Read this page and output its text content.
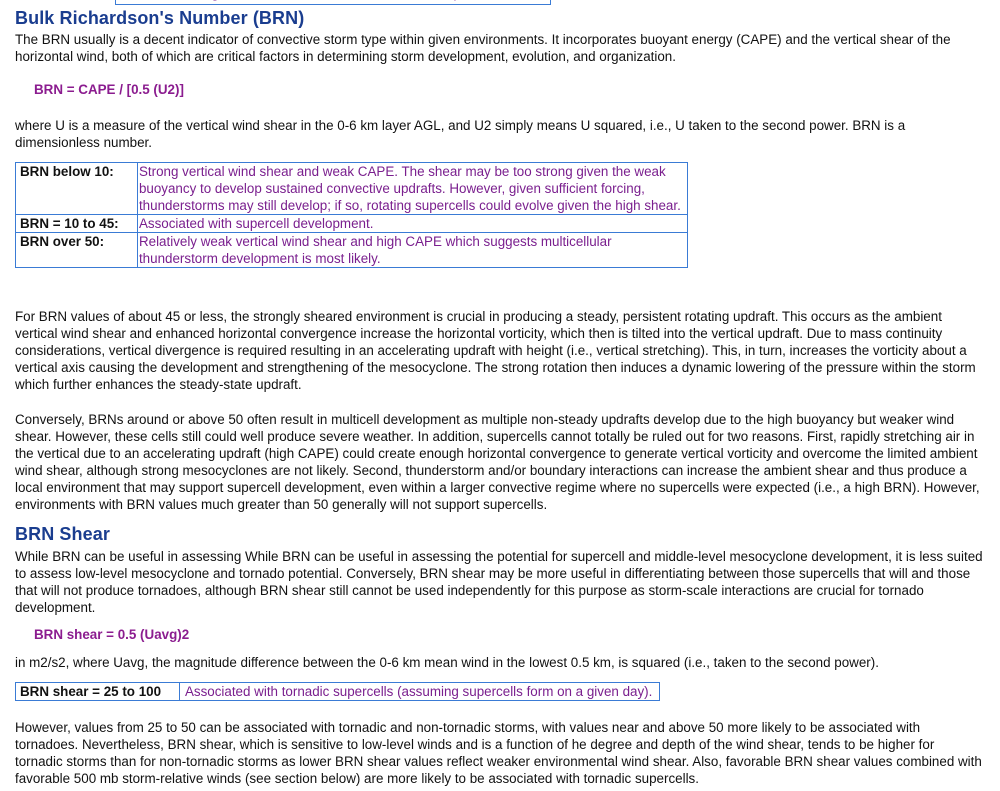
Bulk Richardson's Number (BRN)

The BRN usually is a decent indicator of convective storm type within given environments. It incorporates buoyant energy (CAPE) and the vertical shear of the horizontal wind, both of which are critical factors in determining storm development, evolution, and organization.

BRN = CAPE / [0.5 (U2)]

where U is a measure of the vertical wind shear in the 0-6 km layer AGL, and U2 simply means U squared, i.e., U taken to the second power. BRN is a dimensionless number.

BRN below 10:	Strong vertical wind shear and weak CAPE. The shear may be too strong given the weak buoyancy to develop sustained convective updrafts. However, given sufficient forcing, thunderstorms may still develop; if so, rotating supercells could evolve given the high shear.
BRN = 10 to 45:	Associated with supercell development.
BRN over 50:	Relatively weak vertical wind shear and high CAPE which suggests multicellular thunderstorm development is most likely.

For BRN values of about 45 or less, the strongly sheared environment is crucial in producing a steady, persistent rotating updraft. This occurs as the ambient vertical wind shear and enhanced horizontal convergence increase the horizontal vorticity, which then is tilted into the vertical updraft. Due to mass continuity considerations, vertical divergence is required resulting in an accelerating updraft with height (i.e., vertical stretching). This, in turn, increases the vorticity about a vertical axis causing the development and strengthening of the mesocyclone. The strong rotation then induces a dynamic lowering of the pressure within the storm which further enhances the steady-state updraft.

Conversely, BRNs around or above 50 often result in multicell development as multiple non-steady updrafts develop due to the high buoyancy but weaker wind shear. However, these cells still could well produce severe weather. In addition, supercells cannot totally be ruled out for two reasons. First, rapidly stretching air in the vertical due to an accelerating updraft (high CAPE) could create enough horizontal convergence to generate vertical vorticity and overcome the limited ambient wind shear, although strong mesocyclones are not likely. Second, thunderstorm and/or boundary interactions can increase the ambient shear and thus produce a local environment that may support supercell development, even within a larger convective regime where no supercells were expected (i.e., a high BRN). However, environments with BRN values much greater than 50 generally will not support supercells.

BRN Shear

While BRN can be useful in assessing While BRN can be useful in assessing the potential for supercell and middle-level mesocyclone development, it is less suited to assess low-level mesocyclone and tornado potential. Conversely, BRN shear may be more useful in differentiating between those supercells that will and those that will not produce tornadoes, although BRN shear still cannot be used independently for this purpose as storm-scale interactions are crucial for tornado development.

BRN shear = 0.5 (Uavg)2

in m2/s2, where Uavg, the magnitude difference between the 0-6 km mean wind in the lowest 0.5 km, is squared (i.e., taken to the second power).

BRN shear = 25 to 100	Associated with tornadic supercells (assuming supercells form on a given day).

However, values from 25 to 50 can be associated with tornadic and non-tornadic storms, with values near and above 50 more likely to be associated with tornadoes. Nevertheless, BRN shear, which is sensitive to low-level winds and is a function of he degree and depth of the wind shear, tends to be higher for tornadic storms than for non-tornadic storms as lower BRN shear values reflect weaker environmental wind shear. Also, favorable BRN shear values combined with favorable 500 mb storm-relative winds (see section below) are more likely to be associated with tornadic supercells.
